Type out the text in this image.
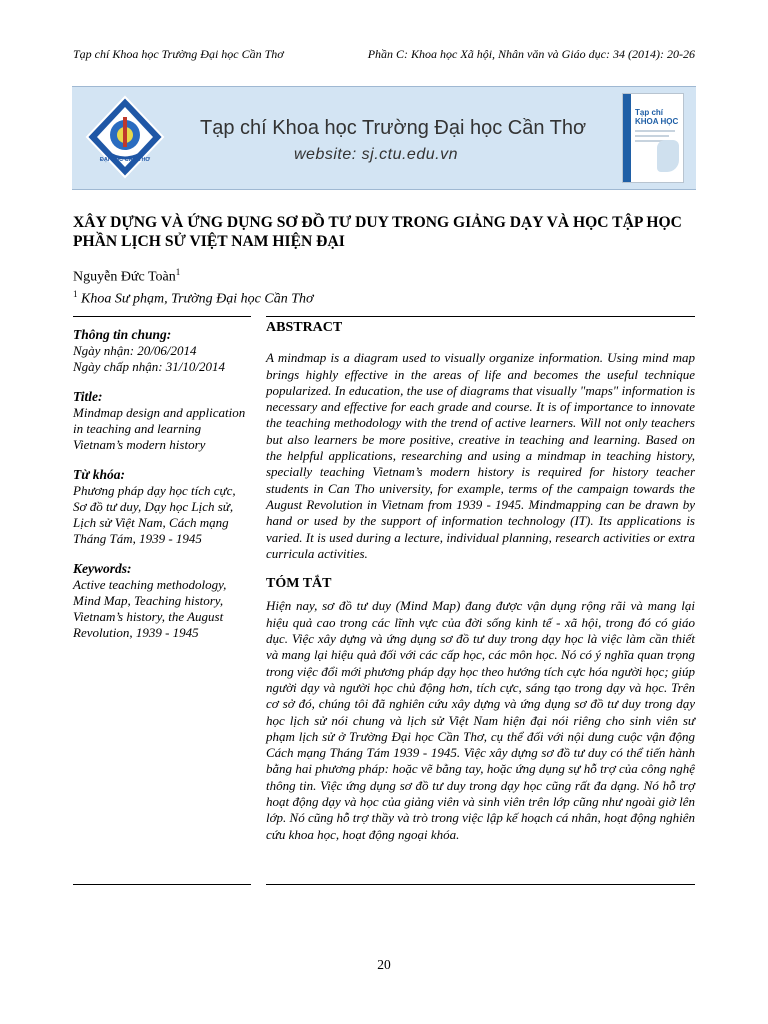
Tạp chí Khoa học Trường Đại học Cần Thơ	Phần C: Khoa học Xã hội, Nhân văn và Giáo dục: 34 (2014): 20-26
ĐẠI HỌC CẦN THƠ
Tạp chí Khoa học Trường Đại học Cần Thơ
website: sj.ctu.edu.vn
Tạp chí
KHOA HỌC
XÂY DỰNG VÀ ỨNG DỤNG SƠ ĐỒ TƯ DUY TRONG GIẢNG DẠY VÀ HỌC TẬP HỌC PHẦN LỊCH SỬ VIỆT NAM HIỆN ĐẠI
Nguyễn Đức Toàn$^1$
$^1$ Khoa Sư phạm, Trường Đại học Cần Thơ
Thông tin chung:
Ngày nhận: 20/06/2014
Ngày chấp nhận: 31/10/2014
Title:
Mindmap design and application in teaching and learning Vietnam’s modern history
Từ khóa:
Phương pháp dạy học tích cực, Sơ đồ tư duy, Dạy học Lịch sử, Lịch sử Việt Nam, Cách mạng Tháng Tám, 1939 - 1945
Keywords:
Active teaching methodology, Mind Map, Teaching history, Vietnam’s history, the August Revolution, 1939 - 1945
ABSTRACT

A mindmap is a diagram used to visually organize information. Using mind map brings highly effective in the areas of life and becomes the useful technique popularized. In education, the use of diagrams that visually "maps" information is necessary and effective for each grade and course. It is of importance to innovate the teaching methodology with the trend of active learners. Will not only teachers but also learners be more positive, creative in teaching and learning. Based on the helpful applications, researching and using a mindmap in teaching history, specially teaching Vietnam’s modern history is required for history teacher students in Can Tho university, for example, terms of the campaign towards the August Revolution in Vietnam from 1939 - 1945. Mindmapping can be drawn by hand or used by the support of information technology (IT). Its applications is varied. It is used during a lecture, individual planning, research activities or extra curricula activities.

TÓM TẮT

Hiện nay, sơ đồ tư duy (Mind Map) đang được vận dụng rộng rãi và mang lại hiệu quả cao trong các lĩnh vực của đời sống kinh tế - xã hội, trong đó có giáo dục. Việc xây dựng và ứng dụng sơ đồ tư duy trong dạy học là việc làm cần thiết và mang lại hiệu quả đối với các cấp học, các môn học. Nó có ý nghĩa quan trọng trong việc đổi mới phương pháp dạy học theo hướng tích cực hóa người học; giúp người dạy và người học chủ động hơn, tích cực, sáng tạo trong dạy và học. Trên cơ sở đó, chúng tôi đã nghiên cứu xây dựng và ứng dụng sơ đồ tư duy trong dạy học lịch sử nói chung và lịch sử Việt Nam hiện đại nói riêng cho sinh viên sư phạm lịch sử ở Trường Đại học Cần Thơ, cụ thể đối với nội dung cuộc vận động Cách mạng Tháng Tám 1939 - 1945. Việc xây dựng sơ đồ tư duy có thể tiến hành bằng hai phương pháp: hoặc vẽ bằng tay, hoặc ứng dụng sự hỗ trợ của công nghệ thông tin. Việc ứng dụng sơ đồ tư duy trong dạy học cũng rất đa dạng. Nó hỗ trợ hoạt động dạy và học của giảng viên và sinh viên trên lớp cũng như ngoài giờ lên lớp. Nó cũng hỗ trợ thầy và trò trong việc lập kế hoạch cá nhân, hoạt động nghiên cứu khoa học, hoạt động ngoại khóa.

20
